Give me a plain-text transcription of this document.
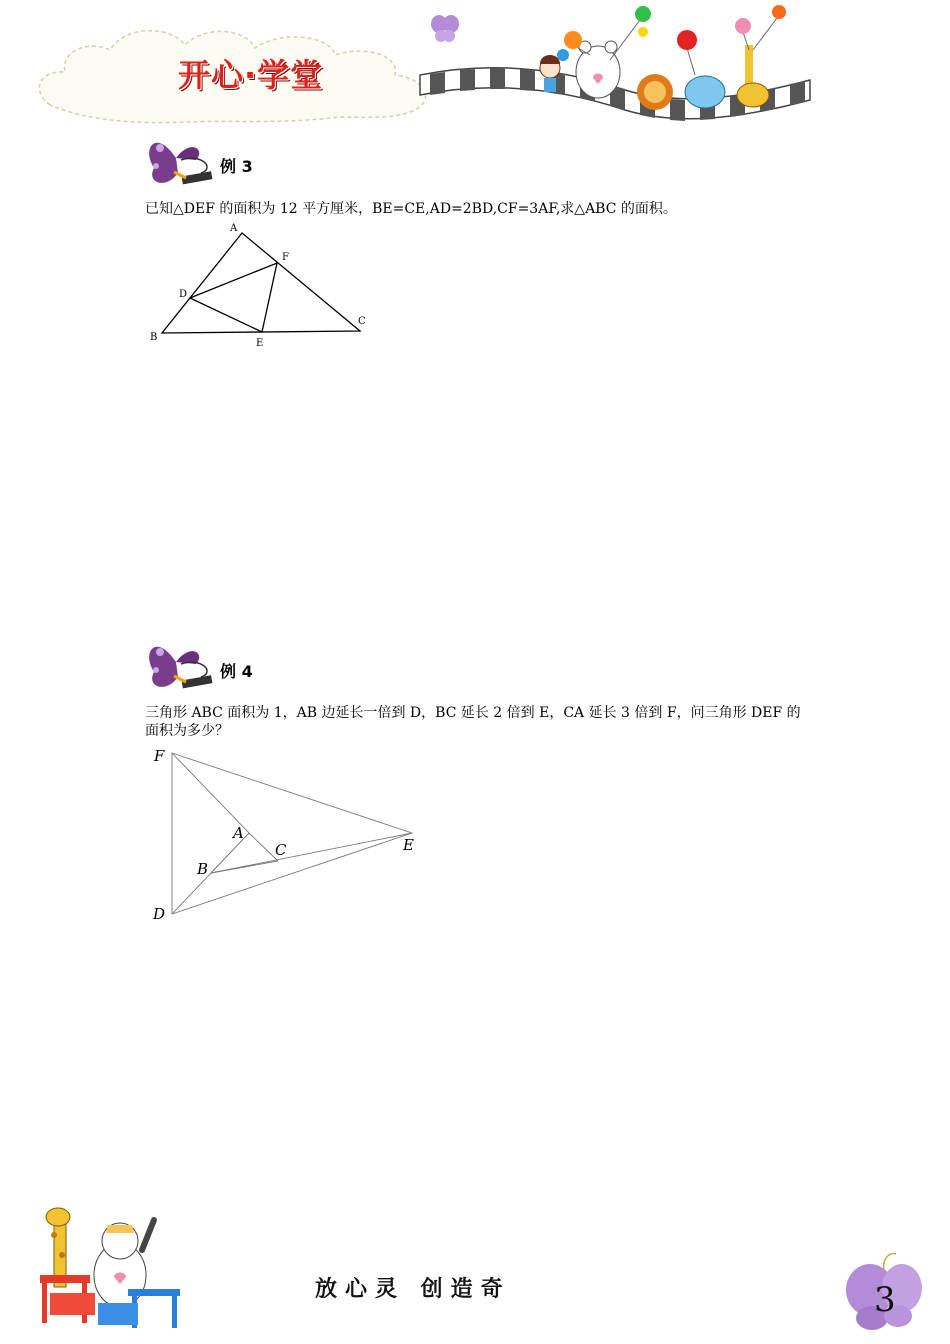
开心·学堂
例 3
已知△DEF 的面积为 12 平方厘米，BE=CE,AD=2BD,CF=3AF,求△ABC 的面积。
A
B
C
D
E
F
例 4
三角形 ABC 面积为 1，AB 边延长一倍到 D，BC 延长 2 倍到 E，CA 延长 3 倍到 F，问三角形 DEF 的
面积为多少？
F
A
C
B
E
D
放心灵 创造奇	3
